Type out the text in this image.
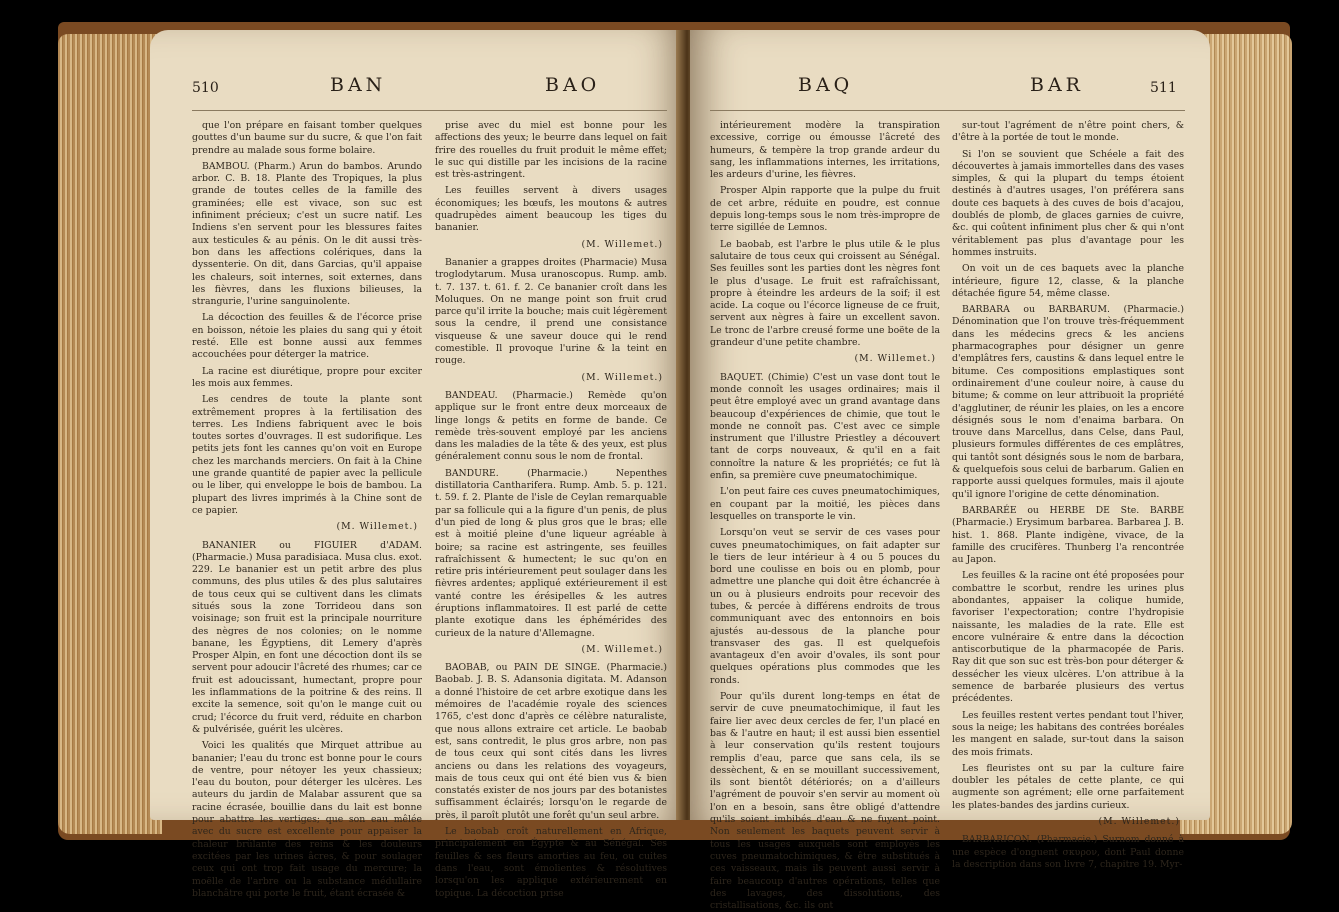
510	BAN	BAO

que l'on prépare en faisant tomber quelques gouttes d'un baume sur du sucre, & que l'on fait prendre au malade sous forme bolaire.

BAMBOU. (Pharm.) Arun do bambos. Arundo arbor. C. B. 18. Plante des Tropiques, la plus grande de toutes celles de la famille des graminées; elle est vivace, son suc est infiniment précieux; c'est un sucre natif. Les Indiens s'en servent pour les blessures faites aux testicules & au pénis. On le dit aussi très-bon dans les affections colériques, dans la dyssenterie. On dit, dans Garcias, qu'il appaise les chaleurs, soit internes, soit externes, dans les fièvres, dans les fluxions bilieuses, la strangurie, l'urine sanguinolente.

La décoction des feuilles & de l'écorce prise en boisson, nétoie les plaies du sang qui y étoit resté. Elle est bonne aussi aux femmes accouchées pour déterger la matrice.

La racine est diurétique, propre pour exciter les mois aux femmes.

Les cendres de toute la plante sont extrêmement propres à la fertilisation des terres. Les Indiens fabriquent avec le bois toutes sortes d'ouvrages. Il est sudorifique. Les petits jets font les cannes qu'on voit en Europe chez les marchands merciers. On fait à la Chine une grande quantité de papier avec la pellicule ou le liber, qui enveloppe le bois de bambou. La plupart des livres imprimés à la Chine sont de ce papier.

(M. Willemet.)

BANANIER ou FIGUIER d'ADAM. (Pharmacie.) Musa paradisiaca. Musa clus. exot. 229. Le bananier est un petit arbre des plus communs, des plus utiles & des plus salutaires de tous ceux qui se cultivent dans les climats situés sous la zone Torrideou dans son voisinage; son fruit est la principale nourriture des nègres de nos colonies; on le nomme banane, les Égyptiens, dit Lemery d'après Prosper Alpin, en font une décoction dont ils se servent pour adoucir l'âcreté des rhumes; car ce fruit est adoucissant, humectant, propre pour les inflammations de la poitrine & des reins. Il excite la semence, soit qu'on le mange cuit ou crud; l'écorce du fruit verd, réduite en charbon & pulvérisée, guérit les ulcères.

Voici les qualités que Mirquet attribue au bananier; l'eau du tronc est bonne pour le cours de ventre, pour nétoyer les yeux chassieux; l'eau du bouton, pour déterger les ulcères. Les auteurs du jardin de Malabar assurent que sa racine écrasée, bouillie dans du lait est bonne pour abattre les vertiges; que son eau mêlée avec du sucre est excellente pour appaiser la chaleur brûlante des reins & les douleurs excitées par les urines âcres, & pour soulager ceux qui ont trop fait usage du mercure; la moëlle de l'arbre ou la substance médullaire blanchâtre qui porte le fruit, étant écrasée &

prise avec du miel est bonne pour les affections des yeux; le beurre dans lequel on fait frire des rouelles du fruit produit le même effet; le suc qui distille par les incisions de la racine est très-astringent.

Les feuilles servent à divers usages économiques; les bœufs, les moutons & autres quadrupèdes aiment beaucoup les tiges du bananier.

(M. Willemet.)

Bananier a grappes droites (Pharmacie) Musa troglodytarum. Musa uranoscopus. Rump. amb. t. 7. 137. t. 61. f. 2. Ce bananier croît dans les Moluques. On ne mange point son fruit crud parce qu'il irrite la bouche; mais cuit légèrement sous la cendre, il prend une consistance visqueuse & une saveur douce qui le rend comestible. Il provoque l'urine & la teint en rouge.

(M. Willemet.)

BANDEAU. (Pharmacie.) Remède qu'on applique sur le front entre deux morceaux de linge longs & petits en forme de bande. Ce remède très-souvent employé par les anciens dans les maladies de la tête & des yeux, est plus généralement connu sous le nom de frontal.

BANDURE. (Pharmacie.) Nepenthes distillatoria Cantharifera. Rump. Amb. 5. p. 121. t. 59. f. 2. Plante de l'isle de Ceylan remarquable par sa follicule qui a la figure d'un penis, de plus d'un pied de long & plus gros que le bras; elle est à moitié pleine d'une liqueur agréable à boire; sa racine est astringente, ses feuilles rafraîchissent & humectent; le suc qu'on en retire pris intérieurement peut soulager dans les fièvres ardentes; appliqué extérieurement il est vanté contre les érésipelles & les autres éruptions inflammatoires. Il est parlé de cette plante exotique dans les éphémérides des curieux de la nature d'Allemagne.

(M. Willemet.)

BAOBAB, ou PAIN DE SINGE. (Pharmacie.) Baobab. J. B. S. Adansonia digitata. M. Adanson a donné l'histoire de cet arbre exotique dans les mémoires de l'académie royale des sciences 1765, c'est donc d'après ce célèbre naturaliste, que nous allons extraire cet article. Le baobab est, sans contredit, le plus gros arbre, non pas de tous ceux qui sont cités dans les livres anciens ou dans les relations des voyageurs, mais de tous ceux qui ont été bien vus & bien constatés exister de nos jours par des botanistes suffisamment éclairés; lorsqu'on le regarde de près, il paroît plutôt une forêt qu'un seul arbre.

Le baobab croît naturellement en Afrique, principalement en Égypte & au Sénégal. Ses feuilles & ses fleurs amorties au feu, ou cuites dans l'eau, sont émolientes & résolutives lorsqu'on les applique extérieurement en topique. La décoction prise

BAQ	BAR	511

intérieurement modère la transpiration excessive, corrige ou émousse l'âcreté des humeurs, & tempère la trop grande ardeur du sang, les inflammations internes, les irritations, les ardeurs d'urine, les fièvres.

Prosper Alpin rapporte que la pulpe du fruit de cet arbre, réduite en poudre, est connue depuis long-temps sous le nom très-impropre de terre sigillée de Lemnos.

Le baobab, est l'arbre le plus utile & le plus salutaire de tous ceux qui croissent au Sénégal. Ses feuilles sont les parties dont les nègres font le plus d'usage. Le fruit est rafraîchissant, propre à éteindre les ardeurs de la soif; il est acide. La coque ou l'écorce ligneuse de ce fruit, servent aux nègres à faire un excellent savon. Le tronc de l'arbre creusé forme une boëte de la grandeur d'une petite chambre.

(M. Willemet.)

BAQUET. (Chimie) C'est un vase dont tout le monde connoît les usages ordinaires; mais il peut être employé avec un grand avantage dans beaucoup d'expériences de chimie, que tout le monde ne connoît pas. C'est avec ce simple instrument que l'illustre Priestley a découvert tant de corps nouveaux, & qu'il en a fait connoître la nature & les propriétés; ce fut là enfin, sa première cuve pneumatochimique.

L'on peut faire ces cuves pneumatochimiques, en coupant par la moitié, les pièces dans lesquelles on transporte le vin.

Lorsqu'on veut se servir de ces vases pour cuves pneumatochimiques, on fait adapter sur le tiers de leur intérieur à 4 ou 5 pouces du bord une coulisse en bois ou en plomb, pour admettre une planche qui doit être échancrée à un ou à plusieurs endroits pour recevoir des tubes, & percée à différens endroits de trous communiquant avec des entonnoirs en bois ajustés au-dessous de la planche pour transvaser des gas. Il est quelquefois avantageux d'en avoir d'ovales, ils sont pour quelques opérations plus commodes que les ronds.

Pour qu'ils durent long-temps en état de servir de cuve pneumatochimique, il faut les faire lier avec deux cercles de fer, l'un placé en bas & l'autre en haut; il est aussi bien essentiel à leur conservation qu'ils restent toujours remplis d'eau, parce que sans cela, ils se dessèchent, & en se mouillant successivement, ils sont bientôt détériorés; on a d'ailleurs l'agrément de pouvoir s'en servir au moment où l'on en a besoin, sans être obligé d'attendre qu'ils soient imbibés d'eau & ne fuyent point. Non seulement les baquets peuvent servir à tous les usages auxquels sont employés les cuves pneumatochimiques, & être substitués à ces vaisseaux, mais ils peuvent aussi servir à faire beaucoup d'autres opérations, telles que des lavages, des dissolutions, des cristallisations, &c. ils ont

sur-tout l'agrément de n'être point chers, & d'être à la portée de tout le monde.

Si l'on se souvient que Schéele a fait des découvertes à jamais immortelles dans des vases simples, & qui la plupart du temps étoient destinés à d'autres usages, l'on préférera sans doute ces baquets à des cuves de bois d'acajou, doublés de plomb, de glaces garnies de cuivre, &c. qui coûtent infiniment plus cher & qui n'ont véritablement pas plus d'avantage pour les hommes instruits.

On voit un de ces baquets avec la planche intérieure, figure 12, classe, & la planche détachée figure 54, même classe.

BARBARA ou BARBARUM. (Pharmacie.) Dénomination que l'on trouve très-fréquemment dans les médecins grecs & les anciens pharmacographes pour désigner un genre d'emplâtres fers, caustins & dans lequel entre le bitume. Ces compositions emplastiques sont ordinairement d'une couleur noire, à cause du bitume; & comme on leur attribuoit la propriété d'agglutiner, de réunir les plaies, on les a encore désignés sous le nom d'enaima barbara. On trouve dans Marcellus, dans Celse, dans Paul, plusieurs formules différentes de ces emplâtres, qui tantôt sont désignés sous le nom de barbara, & quelquefois sous celui de barbarum. Galien en rapporte aussi quelques formules, mais il ajoute qu'il ignore l'origine de cette dénomination.

BARBARÉE ou HERBE DE Ste. BARBE (Pharmacie.) Erysimum barbarea. Barbarea J. B. hist. 1. 868. Plante indigène, vivace, de la famille des crucifères. Thunberg l'a rencontrée au Japon.

Les feuilles & la racine ont été proposées pour combattre le scorbut, rendre les urines plus abondantes, appaiser la colique humide, favoriser l'expectoration; contre l'hydropisie naissante, les maladies de la rate. Elle est encore vulnéraire & entre dans la décoction antiscorbutique de la pharmacopée de Paris. Ray dit que son suc est très-bon pour déterger & dessécher les vieux ulcères. L'on attribue à la semence de barbarée plusieurs des vertus précédentes.

Les feuilles restent vertes pendant tout l'hiver, sous la neige; les habitans des contrées boréales les mangent en salade, sur-tout dans la saison des mois frimats.

Les fleuristes ont su par la culture faire doubler les pétales de cette plante, ce qui augmente son agrément; elle orne parfaitement les plates-bandes des jardins curieux.

(M. Willemet.)

BARBARICON. (Pharmacie.) Surnom donné à une espèce d'onguent σκυρον, dont Paul donne la description dans son livre 7, chapitre 19. Myr-
